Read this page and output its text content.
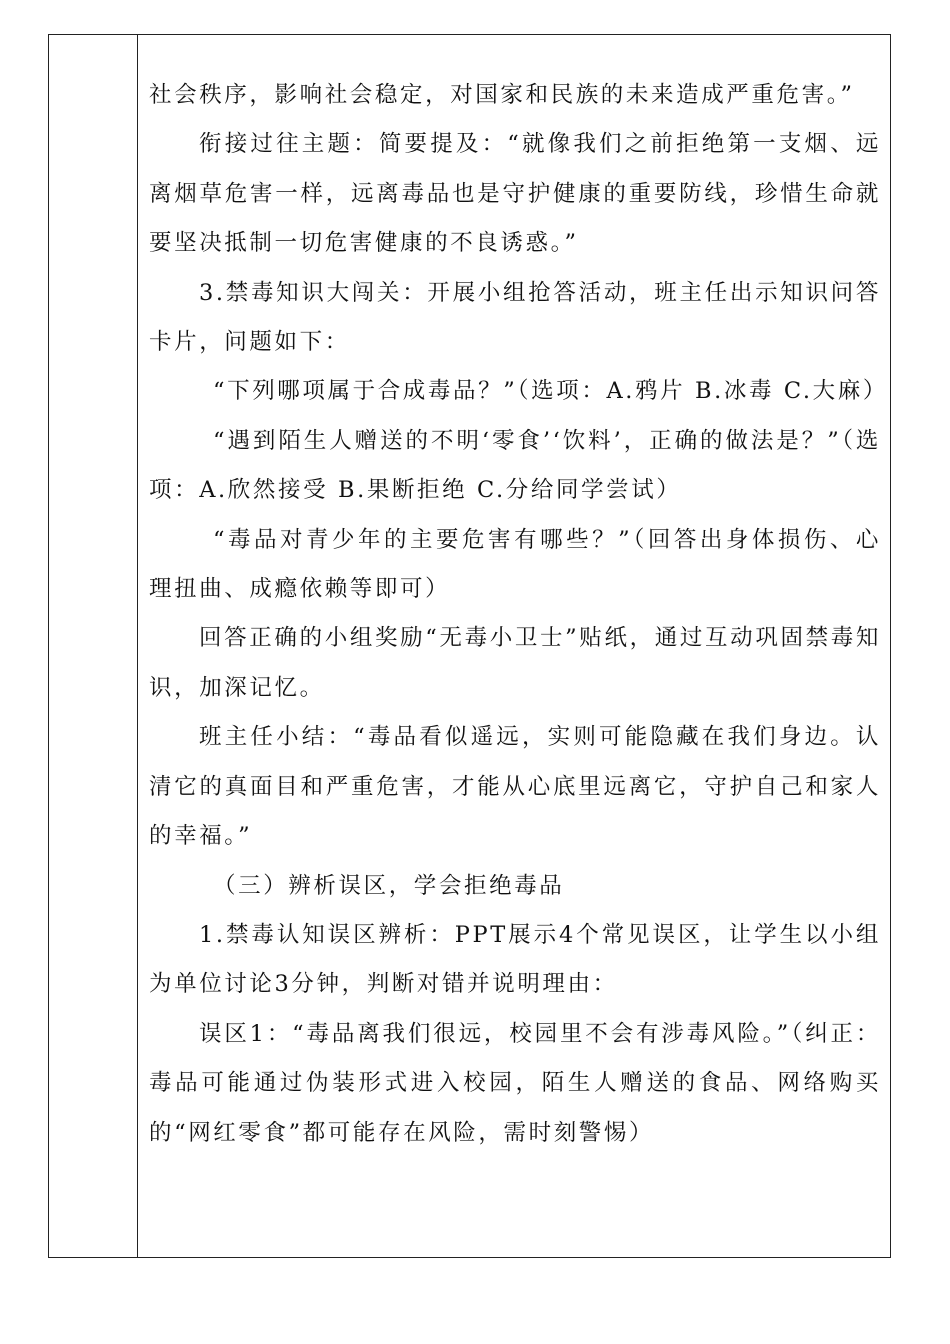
社会秩序，影响社会稳定，对国家和民族的未来造成严重危害。”

衔接过往主题：简要提及：“就像我们之前拒绝第一支烟、远离烟草危害一样，远离毒品也是守护健康的重要防线，珍惜生命就要坚决抵制一切危害健康的不良诱惑。”

3.禁毒知识大闯关：开展小组抢答活动，班主任出示知识问答卡片，问题如下：

“下列哪项属于合成毒品？”（选项：A.鸦片 B.冰毒 C.大麻）

“遇到陌生人赠送的不明‘零食’‘饮料’，正确的做法是？”（选项：A.欣然接受 B.果断拒绝 C.分给同学尝试）

“毒品对青少年的主要危害有哪些？”（回答出身体损伤、心理扭曲、成瘾依赖等即可）

回答正确的小组奖励“无毒小卫士”贴纸，通过互动巩固禁毒知识，加深记忆。

班主任小结：“毒品看似遥远，实则可能隐藏在我们身边。认清它的真面目和严重危害，才能从心底里远离它，守护自己和家人的幸福。”

（三）辨析误区，学会拒绝毒品

1.禁毒认知误区辨析：PPT展示4个常见误区，让学生以小组为单位讨论3分钟，判断对错并说明理由：

误区1：“毒品离我们很远，校园里不会有涉毒风险。”（纠正：毒品可能通过伪装形式进入校园，陌生人赠送的食品、网络购买的“网红零食”都可能存在风险，需时刻警惕）
